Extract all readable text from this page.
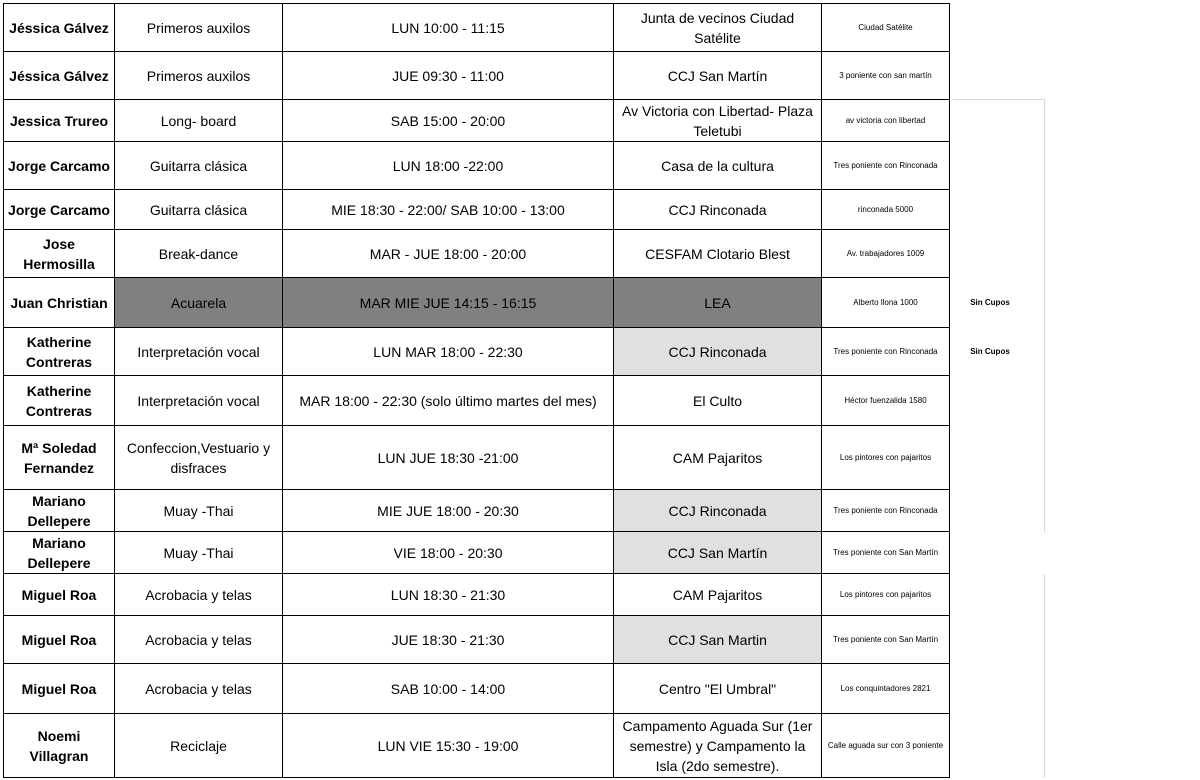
Jéssica Gálvez	Primeros auxilos	LUN 10:00 - 11:15	Junta de vecinos Ciudad Satélite	Ciudad Satélite	
Jéssica Gálvez	Primeros auxilos	JUE 09:30 - 11:00	CCJ San Martín	3 poniente con san martín	
Jessica Trureo	Long- board	SAB 15:00 - 20:00	Av Victoria con Libertad- Plaza Teletubi	av victoria con libertad	
Jorge Carcamo	Guitarra clásica	LUN 18:00 -22:00	Casa de la cultura	Tres poniente con Rinconada	
Jorge Carcamo	Guitarra clásica	MIE 18:30 - 22:00/ SAB 10:00 - 13:00	CCJ Rinconada	rinconada 5000	
Jose Hermosilla	Break-dance	MAR - JUE 18:00 - 20:00	CESFAM Clotario Blest	Av. trabajadores 1009	
Juan Christian	Acuarela	MAR MIE JUE 14:15 - 16:15	LEA	Alberto llona 1000	Sin Cupos
Katherine Contreras	Interpretación vocal	LUN MAR 18:00 - 22:30	CCJ Rinconada	Tres poniente con Rinconada	Sin Cupos
Katherine Contreras	Interpretación vocal	MAR 18:00 - 22:30 (solo último martes del mes)	El Culto	Héctor fuenzalida 1580	
Mª Soledad Fernandez	Confeccion,Vestuario y disfraces	LUN JUE 18:30 -21:00	CAM Pajaritos	Los pintores con pajaritos	
Mariano Dellepere	Muay -Thai	MIE JUE 18:00 - 20:30	CCJ Rinconada	Tres poniente con Rinconada	
Mariano Dellepere	Muay -Thai	VIE 18:00 - 20:30	CCJ San Martín	Tres poniente con San Martín	
Miguel Roa	Acrobacia y telas	LUN 18:30 - 21:30	CAM Pajaritos	Los pintores con pajaritos	
Miguel Roa	Acrobacia y telas	JUE 18:30 - 21:30	CCJ San Martin	Tres poniente con San Martín	
Miguel Roa	Acrobacia y telas	SAB 10:00 - 14:00	Centro "El Umbral"	Los conquintadores 2821	
Noemi Villagran	Reciclaje	LUN VIE 15:30 - 19:00	Campamento Aguada Sur (1er semestre) y Campamento la Isla (2do semestre).	Calle aguada sur con 3 poniente	
